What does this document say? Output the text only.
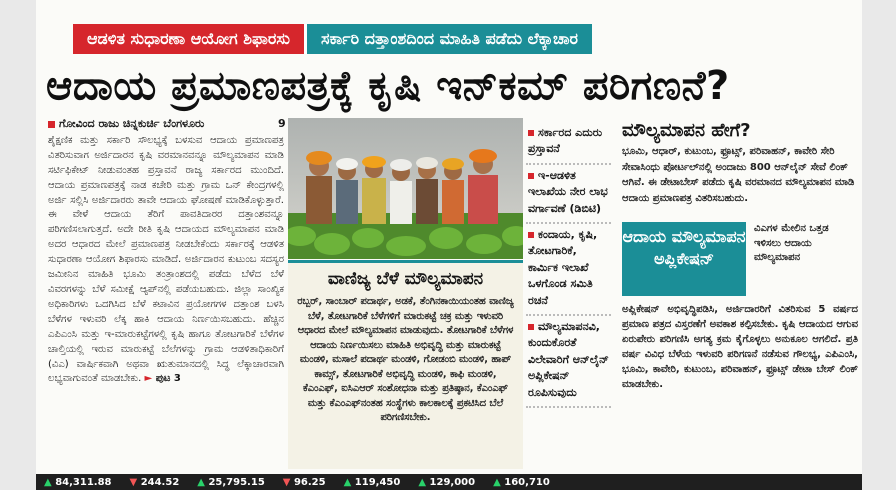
ಆಡಳಿತ ಸುಧಾರಣಾ ಆಯೋಗ ಶಿಫಾರಸು	ಸರ್ಕಾರಿ ದತ್ತಾಂಶದಿಂದ ಮಾಹಿತಿ ಪಡೆದು ಲೆಕ್ಕಾಚಾರ
ಆದಾಯ ಪ್ರಮಾಣಪತ್ರಕ್ಕೆ ಕೃಷಿ ಇನ್‌ಕಮ್ ಪರಿಗಣನೆ?
ಗೋವಿಂದ ರಾಜು ಚಿನ್ನಕುರ್ಚಿ ಬೆಂಗಳೂರು
ಶೈಕ್ಷಣಿಕ ಮತ್ತು ಸರ್ಕಾರಿ ಸೌಲಭ್ಯಕ್ಕೆ ಬಳಸುವ ಆದಾಯ ಪ್ರಮಾಣಪತ್ರ ವಿತರಿಸುವಾಗ ಅರ್ಜಿದಾರನ ಕೃಷಿ ವರಮಾನವನ್ನೂ ಮೌಲ್ಯಮಾಪನ ಮಾಡಿ ಸರ್ಟಿಫಿಕೇಟ್ ನೀಡುವಂತಹ ಪ್ರಸ್ತಾವನೆ ರಾಜ್ಯ ಸರ್ಕಾರದ ಮುಂದಿದೆ. ಆದಾಯ ಪ್ರಮಾಣಪತ್ರಕ್ಕೆ ನಾಡ ಕಚೇರಿ ಮತ್ತು ಗ್ರಾಮ ಒನ್ ಕೇಂದ್ರಗಳಲ್ಲಿ ಅರ್ಜಿ ಸಲ್ಲಿಸಿ ಅರ್ಜಿದಾರರು ತಾವೇ ಆದಾಯ ಘೋಷಣೆ ಮಾಡಿಕೊಳ್ಳುತ್ತಾರೆ. ಈ ವೇಳೆ ಆದಾಯ ತೆರಿಗೆ ಪಾವತಿದಾರರ ದತ್ತಾಂಶವನ್ನೂ ಪರಿಗಣಿಸಲಾಗುತ್ತದೆ. ಅದೇ ರೀತಿ ಕೃಷಿ ಆದಾಯದ ಮೌಲ್ಯಮಾಪನ ಮಾಡಿ ಅದರ ಆಧಾರದ ಮೇಲೆ ಪ್ರಮಾಣಪತ್ರ ನೀಡಬೇಕೆಂದು ಸರ್ಕಾರಕ್ಕೆ ಆಡಳಿತ ಸುಧಾರಣಾ ಆಯೋಗ ಶಿಫಾರಸು ಮಾಡಿದೆ. ಅರ್ಜಿದಾರನ ಕುಟುಂಬ ಸದಸ್ಯರ ಜಮೀನಿನ ಮಾಹಿತಿ ಭೂಮಿ ತಂತ್ರಾಂಶದಲ್ಲಿ ಪಡೆದು ಬೆಳೆದ ಬೆಳೆ ವಿವರಗಳನ್ನು ಬೆಳೆ ಸಮೀಕ್ಷೆ ಆ್ಯಪ್‌ನಲ್ಲಿ ಪಡೆಯಬಹುದು. ಜಿಲ್ಲಾ ಸಾಂಖ್ಯಿಕ ಅಧಿಕಾರಿಗಳು ಒದಗಿಸಿದ ಬೆಳೆ ಕಟಾವಿನ ಪ್ರಯೋಗಗಳ ದತ್ತಾಂಶ ಬಳಸಿ ಬೆಳೆಗಳ ಇಳುವರಿ ಲೆಕ್ಕ ಹಾಕಿ ಆದಾಯ ನಿರ್ಣಯಿಸಬಹುದು. ಹೆಚ್ಚಿನ ಎಪಿಎಂಸಿ ಮತ್ತು ಇ-ಮಾರುಕಟ್ಟೆಗಳಲ್ಲಿ ಕೃಷಿ ಹಾಗೂ ತೋಟಗಾರಿಕೆ ಬೆಳೆಗಳ ಚಾಲ್ತಿಯಲ್ಲಿ ಇರುವ ಮಾರುಕಟ್ಟೆ ಬೆಲೆಗಳನ್ನು ಗ್ರಾಮ ಆಡಳಿತಾಧಿಕಾರಿಗೆ (ವಿಎ) ವಾರ್ಷಿಕವಾಗಿ ಅಥವಾ ಋತುಮಾನದಲ್ಲಿ ಸಿದ್ಧ ಲೆಕ್ಕಾಚಾರವಾಗಿ ಲಭ್ಯವಾಗುವಂತೆ ಮಾಡಬೇಕು. ► ಪುಟ 3
9
ವಾಣಿಜ್ಯ ಬೆಳೆ ಮೌಲ್ಯಮಾಪನ
ರಬ್ಬರ್, ಸಾಂಬಾರ್ ಪದಾರ್ಥ, ಅಡಕೆ, ತೆಂಗಿನಕಾಯಿಯಂತಹ ವಾಣಿಜ್ಯ ಬೆಳೆ, ತೋಟಗಾರಿಕೆ ಬೆಳೆಗಳಿಗೆ ಮಾರುಕಟ್ಟೆ ಚಕ್ರ ಮತ್ತು ಇಳುವರಿ ಆಧಾರದ ಮೇಲೆ ಮೌಲ್ಯಮಾಪನ ಮಾಡುವುದು. ತೋಟಗಾರಿಕೆ ಬೆಳೆಗಳ ಆದಾಯ ನಿರ್ಣಯಿಸಲು ಮಾಹಿತಿ ಅಭಿವೃದ್ಧಿ ಮತ್ತು ಮಾರುಕಟ್ಟೆ ಮಂಡಳಿ, ಮಸಾಲೆ ಪದಾರ್ಥ ಮಂಡಳಿ, ಗೋಡಂಬಿ ಮಂಡಳಿ, ಹಾಪ್ ಕಾಮ್ಸ್, ತೋಟಗಾರಿಕೆ ಅಭಿವೃದ್ಧಿ ಮಂಡಳಿ, ಕಾಫಿ ಮಂಡಳಿ, ಕೆಎಂಎಫ್, ಐಸಿಎಆರ್ ಸಂಶೋಧನಾ ಮತ್ತು ಪ್ರತಿಷ್ಠಾನ, ಕೆಎಂಎಫ್ ಮತ್ತು ಕೆಎಂಎಫ್‌ನಂತಹ ಸಂಸ್ಥೆಗಳು ಕಾಲಕಾಲಕ್ಕೆ ಪ್ರಕಟಿಸಿದ ಬೆಲೆ ಪರಿಗಣಿಸಬೇಕು.
ಸರ್ಕಾರದ ಎದುರು ಪ್ರಸ್ತಾವನೆ
ಇ-ಆಡಳಿತ ಇಲಾಖೆಯ ನೇರ ಲಾಭ ವರ್ಗಾವಣೆ (ಡಿಬಿಟಿ)
ಕಂದಾಯ, ಕೃಷಿ, ತೋಟಗಾರಿಕೆ, ಕಾರ್ಮಿಕ ಇಲಾಖೆ ಒಳಗೊಂಡ ಸಮಿತಿ ರಚನೆ
ಮೌಲ್ಯಮಾಪನವಿ, ಕುಂದುಕೊರತೆ ವಿಲೇವಾರಿಗೆ ಆನ್‌ಲೈನ್ ಅಪ್ಲಿಕೇಷನ್ ರೂಪಿಸುವುದು
ಮೌಲ್ಯಮಾಪನ ಹೇಗೆ?
ಭೂಮಿ, ಆಧಾರ್, ಕುಟುಂಬ, ಫ್ರೂಟ್ಸ್, ಪರಿವಾಹನ್, ಕಾವೇರಿ ಸೇರಿ ಸೇವಾಸಿಂಧು ಪೋರ್ಟಲ್‌ನಲ್ಲಿ ಅಂದಾಜು 800 ಆನ್‌ಲೈನ್ ಸೇವೆ ಲಿಂಕ್ ಆಗಿವೆ. ಈ ಡೇಟಾಬೇಸ್ ಪಡೆದು ಕೃಷಿ ವರಮಾನದ ಮೌಲ್ಯಮಾಪನ ಮಾಡಿ ಆದಾಯ ಪ್ರಮಾಣಪತ್ರ ವಿತರಿಸಬಹುದು.
ಆದಾಯ ಮೌಲ್ಯಮಾಪನ ಅಪ್ಲಿಕೇಷನ್
ವಿಎಗಳ ಮೇಲಿನ ಒತ್ತಡ ಇಳಿಸಲು ಆದಾಯ ಮೌಲ್ಯಮಾಪನ
ಅಪ್ಲಿಕೇಷನ್ ಅಭಿವೃದ್ಧಿಪಡಿಸಿ, ಅರ್ಜಿದಾರರಿಗೆ ವಿತರಿಸುವ 5 ವರ್ಷದ ಪ್ರಮಾಣ ಪತ್ರದ ವಿಸ್ತರಣೆಗೆ ಅವಕಾಶ ಕಲ್ಪಿಸಬೇಕು. ಕೃಷಿ ಆದಾಯದ ಆಗುವ ಏರುಪೇರು ಪರಿಗಣಿಸಿ ಅಗತ್ಯ ಕ್ರಮ ಕೈಗೊಳ್ಳಲು ಅನುಕೂಲ ಆಗಲಿದೆ. ಪ್ರತಿ ವರ್ಷ ವಿವಿಧ ಬೆಳೆಯ ಇಳುವರಿ ಪರಿಗಣನೆ ನಡೆಸುವ ಗೌಲಭ್ಯ, ಎಪಿಎಂಸಿ, ಭೂಮಿ, ಕಾವೇರಿ, ಕುಟುಂಬ, ಪರಿವಾಹನ್, ಫ್ರೂಟ್ಸ್ ಡೇಟಾ ಬೇಸ್ ಲಿಂಕ್ ಮಾಡಬೇಕು.
▲ 84,311.88 ▼ 244.52 ▲ 25,795.15 ▼ 96.25 ▲ 119,450 ▲ 129,000 ▲ 160,710
